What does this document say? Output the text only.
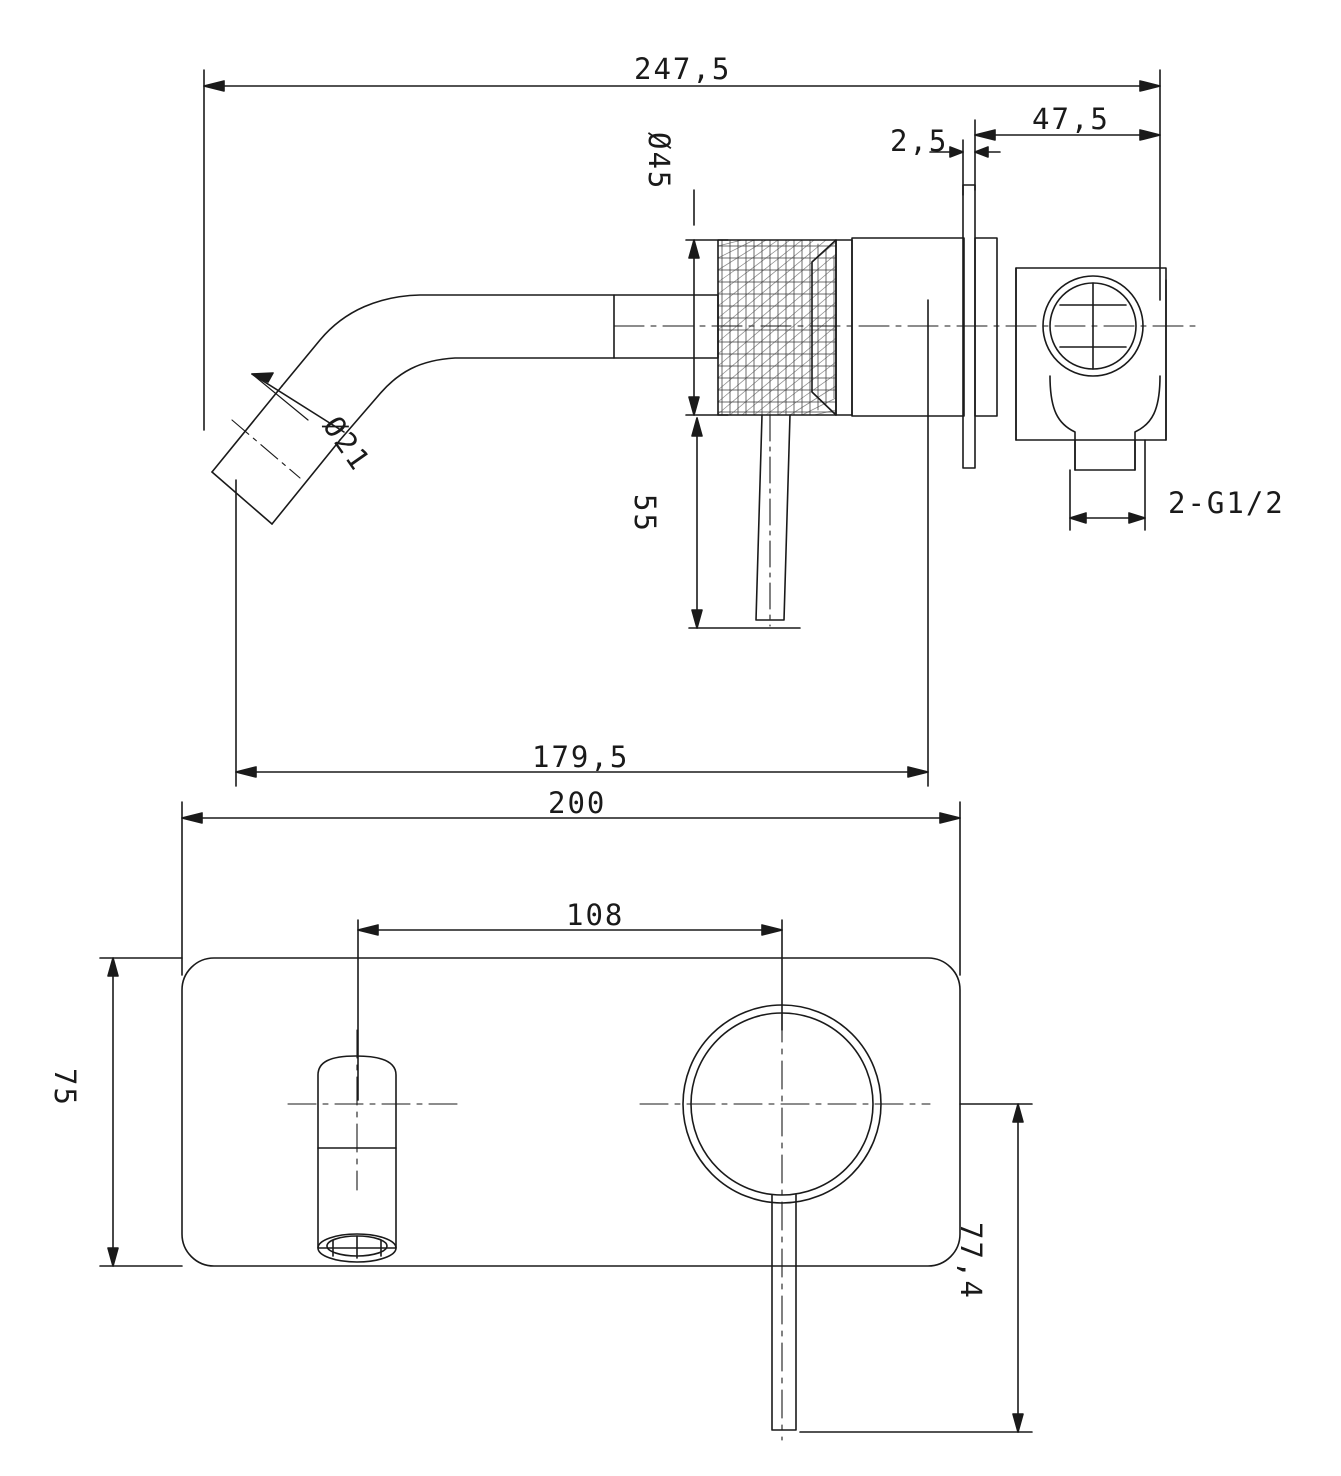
247,5
47,5
2,5
Ø45
Ø21
55
179,5
200
108
75
77,4
2-G1/2
